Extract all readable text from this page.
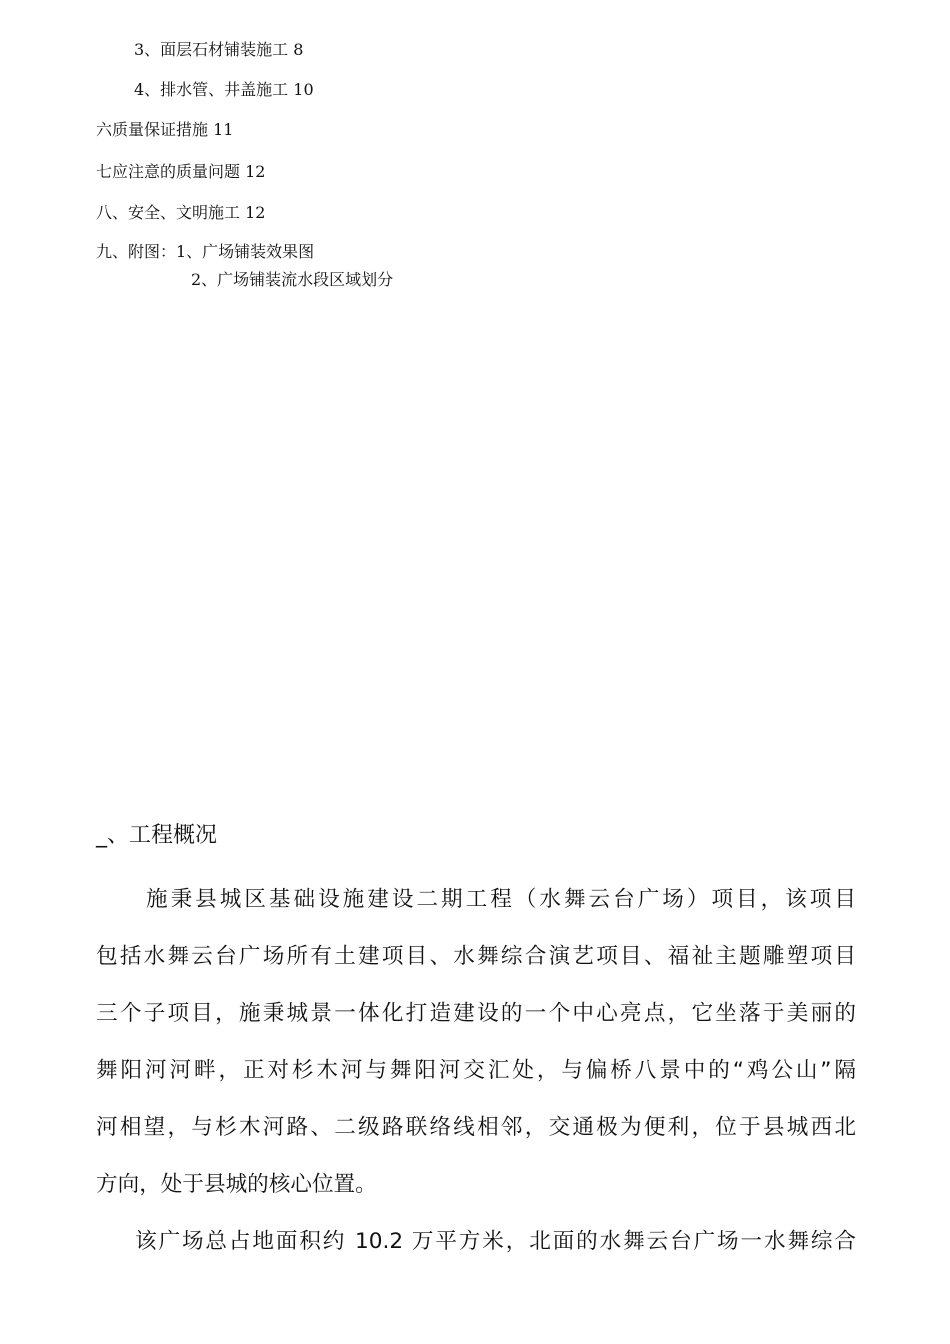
3、面层石材铺装施工 8
4、排水管、井盖施工 10
六质量保证措施 11
七应注意的质量问题 12
八、安全、文明施工 12
九、附图：1、广场铺装效果图
2、广场铺装流水段区域划分
_、工程概况
施秉县城区基础设施建设二期工程（水舞云台广场）项目，该项目
包括水舞云台广场所有土建项目、水舞综合演艺项目、福祉主题雕塑项目
三个子项目，施秉城景一体化打造建设的一个中心亮点，它坐落于美丽的
舞阳河河畔，正对杉木河与舞阳河交汇处，与偏桥八景中的“鸡公山”隔
河相望，与杉木河路、二级路联络线相邻，交通极为便利，位于县城西北
方向，处于县城的核心位置。
该广场总占地面积约 10.2 万平方米，北面的水舞云台广场一水舞综合
